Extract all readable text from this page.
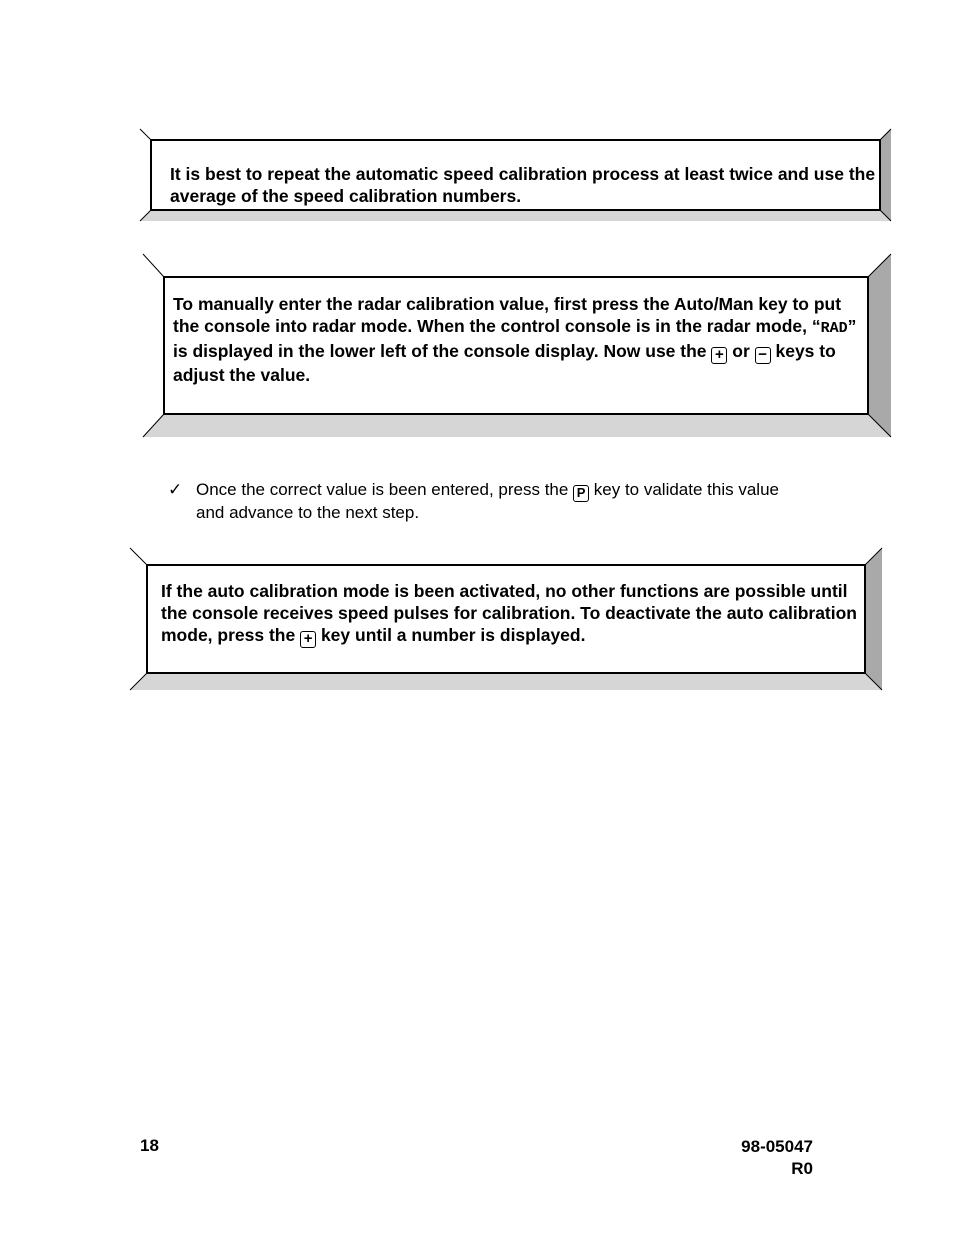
It is best to repeat the automatic speed calibration process at least twice and use the average of the speed calibration numbers.
To manually enter the radar calibration value, first press the Auto/Man key to put the console into radar mode. When the control console is in the radar mode, “RAD” is displayed in the lower left of the console display. Now use the + or − keys to adjust the value.
✓ Once the correct value is been entered, press the P key to validate this value and advance to the next step.
If the auto calibration mode is been activated, no other functions are possible until the console receives speed pulses for calibration. To deactivate the auto calibration mode, press the + key until a number is displayed.
18	98-05047
R0
